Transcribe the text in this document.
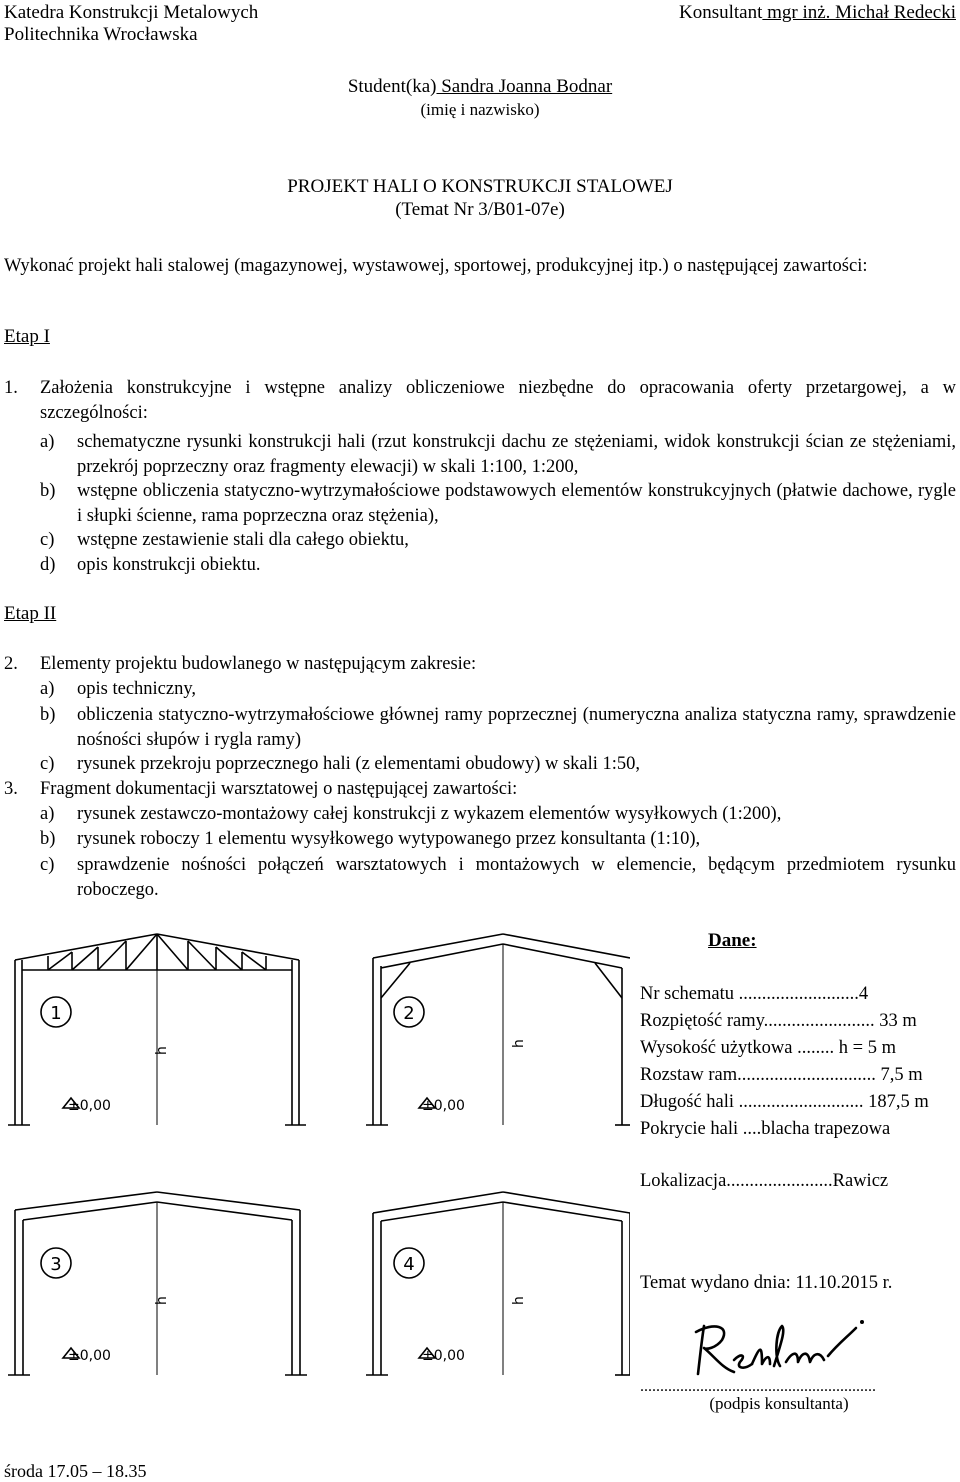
Katedra Konstrukcji Metalowych
Politechnika Wrocławska
Konsultant mgr inż. Michał Redecki
Student(ka) Sandra Joanna Bodnar
(imię i nazwisko)
PROJEKT HALI O KONSTRUKCJI STALOWEJ
(Temat Nr 3/B01-07e)
Wykonać projekt hali stalowej (magazynowej, wystawowej, sportowej, produkcyjnej itp.) o następującej zawartości:
Etap I
1. Założenia konstrukcyjne i wstępne analizy obliczeniowe niezbędne do opracowania oferty przetargowej, a w szczególności:
a)	schematyczne rysunki konstrukcji hali (rzut konstrukcji dachu ze stężeniami, widok konstrukcji ścian ze stężeniami, przekrój poprzeczny oraz fragmenty elewacji) w skali 1:100, 1:200,
b)	wstępne obliczenia statyczno-wytrzymałościowe podstawowych elementów konstrukcyjnych (płatwie dachowe, rygle i słupki ścienne, rama poprzeczna oraz stężenia),
c)	wstępne zestawienie stali dla całego obiektu,
d)	opis konstrukcji obiektu.
Etap II
2. Elementy projektu budowlanego w następującym zakresie:
a)	opis techniczny,
b)	obliczenia statyczno-wytrzymałościowe głównej ramy poprzecznej (numeryczna analiza statyczna ramy, sprawdzenie nośności słupów i rygla ramy)
c)	rysunek przekroju poprzecznego hali (z elementami obudowy) w skali 1:50,
3. Fragment dokumentacji warsztatowej o następującej zawartości:
a)	rysunek zestawczo-montażowy całej konstrukcji z wykazem elementów wysyłkowych (1:200),
b)	rysunek roboczy 1 elementu wysyłkowego wytypowanego przez konsultanta (1:10),
c)	sprawdzenie nośności połączeń warsztatowych i montażowych w elemencie, będącym przedmiotem rysunku roboczego.
1	2
3	4
h
h
h	h
±0,00	±0,00
±0,00	±0,00
Dane:
Nr schematu ..........................4
Rozpiętość ramy........................ 33 m
Wysokość użytkowa ........ h = 5 m
Rozstaw ram.............................. 7,5 m
Długość hali ........................... 187,5 m
Pokrycie hali ....blacha trapezowa
Lokalizacja.......................Rawicz
Temat wydano dnia: 11.10.2015 r.
...........................................................
(podpis konsultanta)
środa 17.05 – 18.35
